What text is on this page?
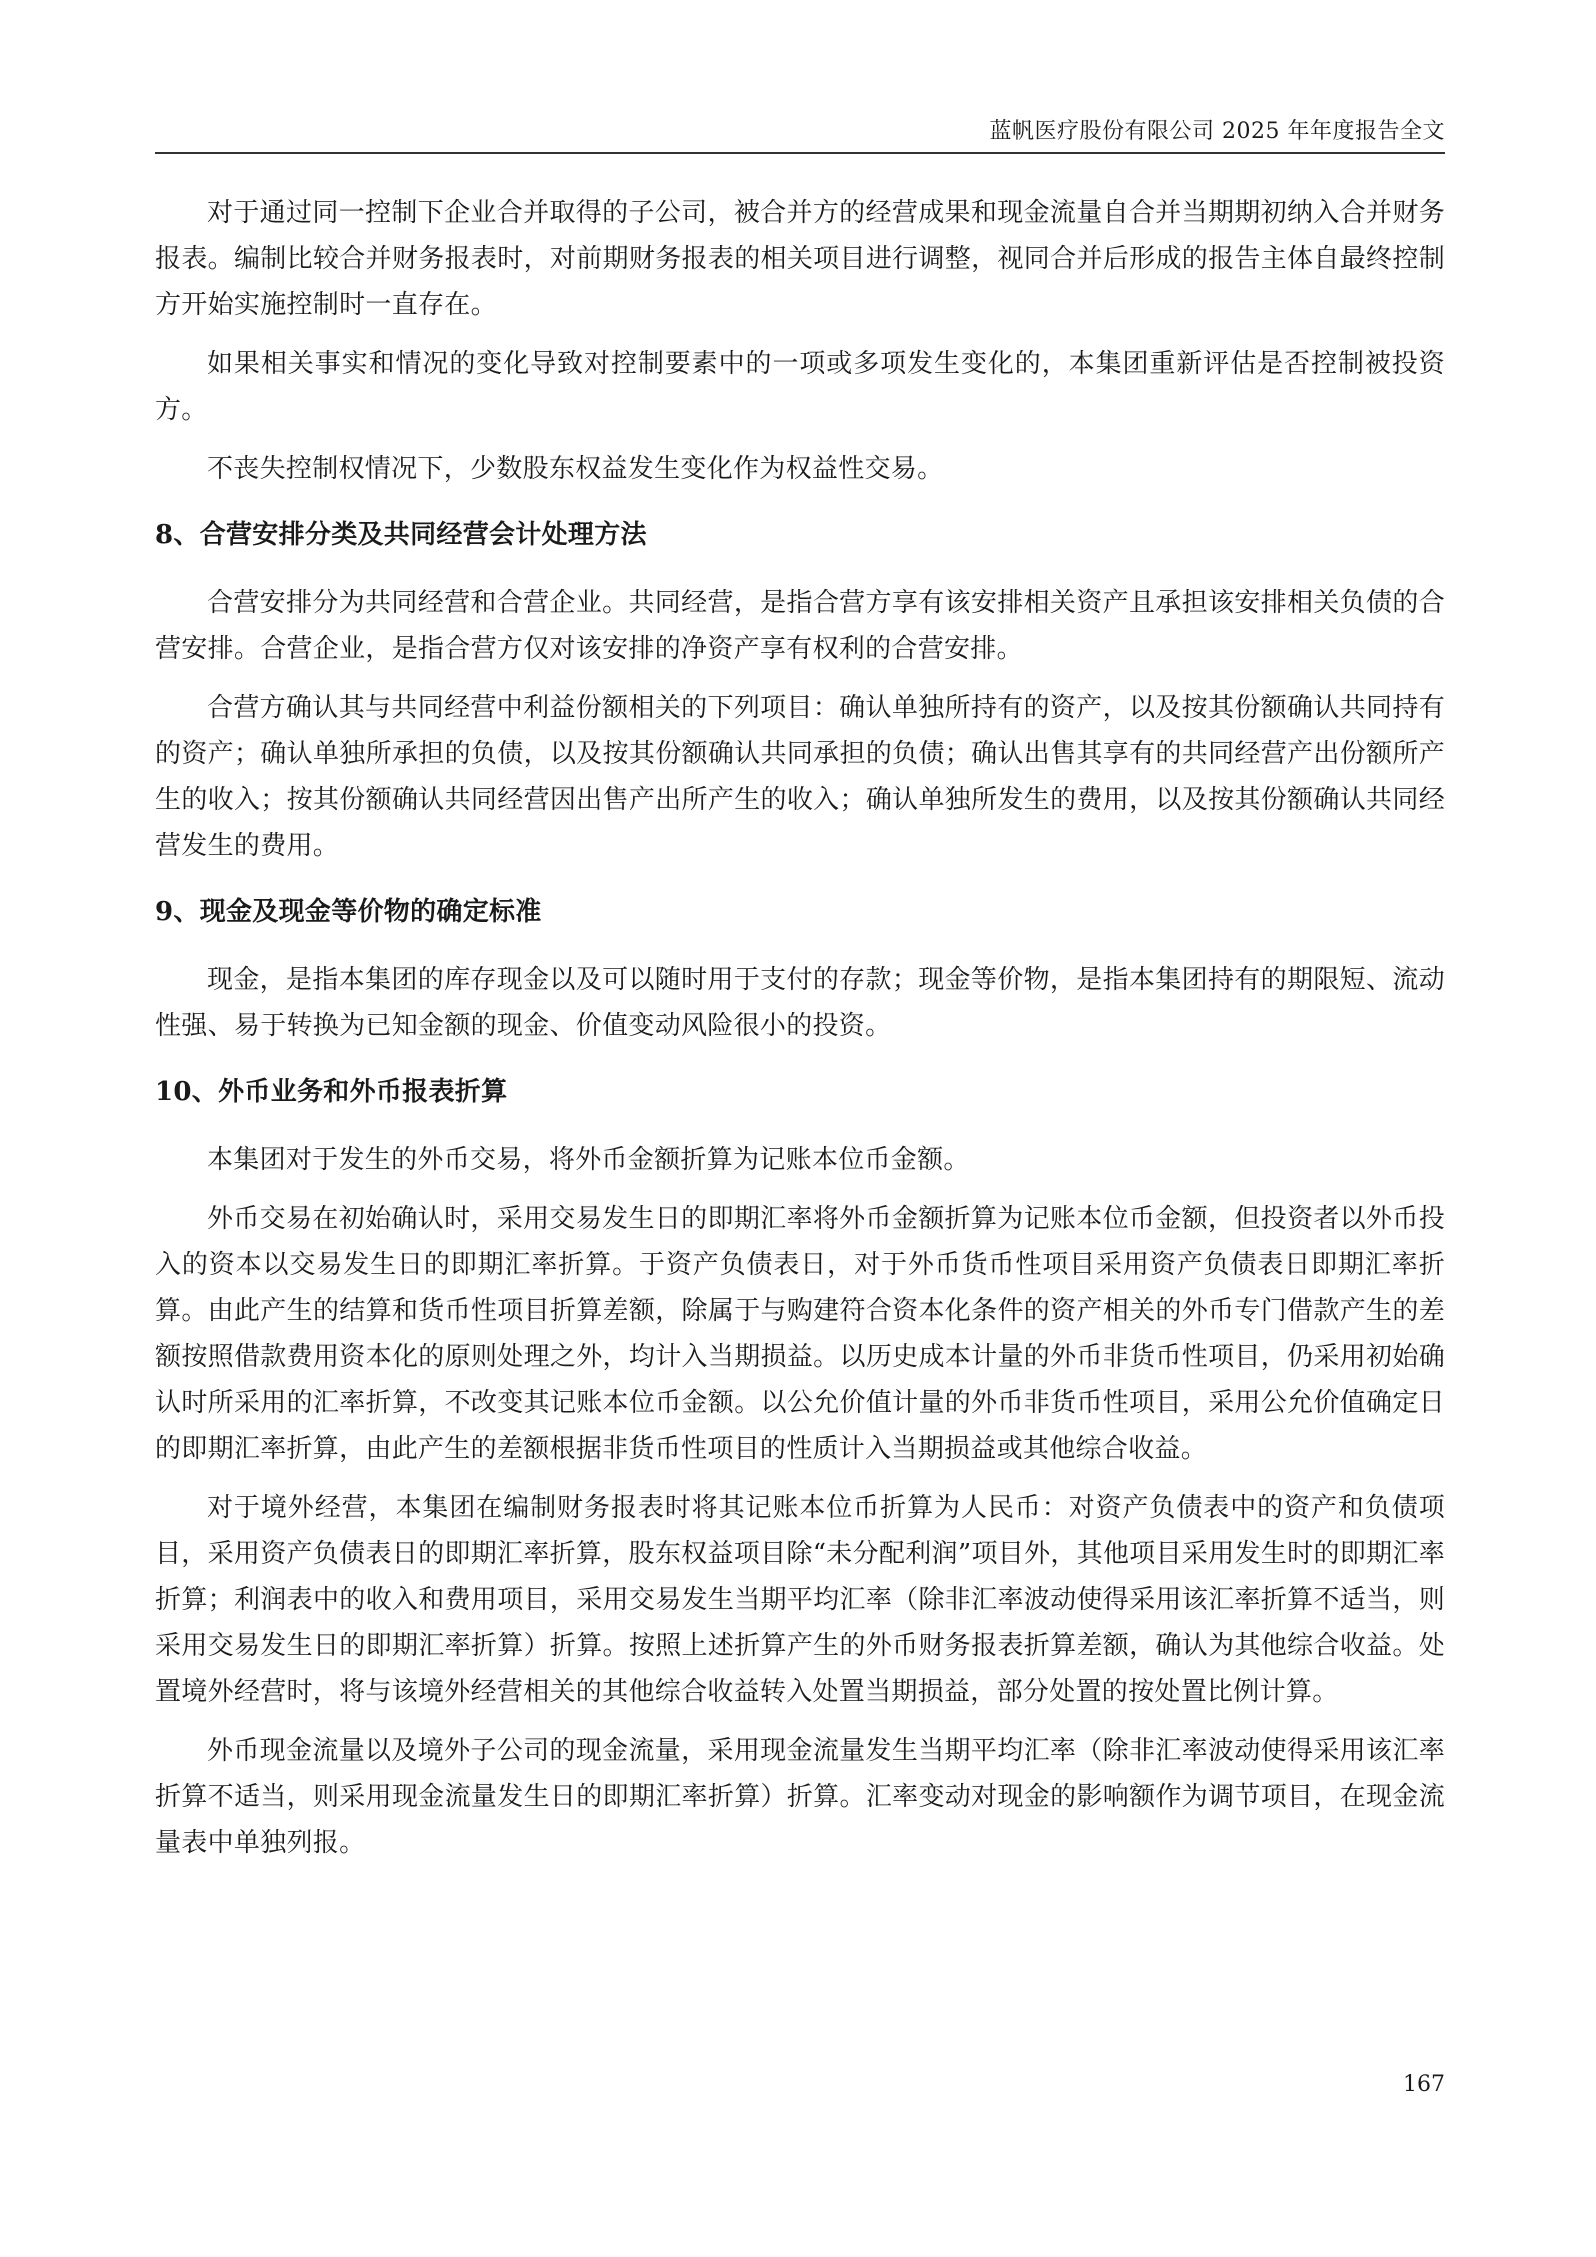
蓝帆医疗股份有限公司 2025 年年度报告全文

对于通过同一控制下企业合并取得的子公司，被合并方的经营成果和现金流量自合并当期期初纳入合并财务报表。编制比较合并财务报表时，对前期财务报表的相关项目进行调整，视同合并后形成的报告主体自最终控制方开始实施控制时一直存在。

如果相关事实和情况的变化导致对控制要素中的一项或多项发生变化的，本集团重新评估是否控制被投资方。

不丧失控制权情况下，少数股东权益发生变化作为权益性交易。

8、合营安排分类及共同经营会计处理方法

合营安排分为共同经营和合营企业。共同经营，是指合营方享有该安排相关资产且承担该安排相关负债的合营安排。合营企业，是指合营方仅对该安排的净资产享有权利的合营安排。

合营方确认其与共同经营中利益份额相关的下列项目：确认单独所持有的资产，以及按其份额确认共同持有的资产；确认单独所承担的负债，以及按其份额确认共同承担的负债；确认出售其享有的共同经营产出份额所产生的收入；按其份额确认共同经营因出售产出所产生的收入；确认单独所发生的费用，以及按其份额确认共同经营发生的费用。

9、现金及现金等价物的确定标准

现金，是指本集团的库存现金以及可以随时用于支付的存款；现金等价物，是指本集团持有的期限短、流动性强、易于转换为已知金额的现金、价值变动风险很小的投资。

10、外币业务和外币报表折算

本集团对于发生的外币交易，将外币金额折算为记账本位币金额。

外币交易在初始确认时，采用交易发生日的即期汇率将外币金额折算为记账本位币金额，但投资者以外币投入的资本以交易发生日的即期汇率折算。于资产负债表日，对于外币货币性项目采用资产负债表日即期汇率折算。由此产生的结算和货币性项目折算差额，除属于与购建符合资本化条件的资产相关的外币专门借款产生的差额按照借款费用资本化的原则处理之外，均计入当期损益。以历史成本计量的外币非货币性项目，仍采用初始确认时所采用的汇率折算，不改变其记账本位币金额。以公允价值计量的外币非货币性项目，采用公允价值确定日的即期汇率折算，由此产生的差额根据非货币性项目的性质计入当期损益或其他综合收益。

对于境外经营，本集团在编制财务报表时将其记账本位币折算为人民币：对资产负债表中的资产和负债项目，采用资产负债表日的即期汇率折算，股东权益项目除“未分配利润”项目外，其他项目采用发生时的即期汇率折算；利润表中的收入和费用项目，采用交易发生当期平均汇率（除非汇率波动使得采用该汇率折算不适当，则采用交易发生日的即期汇率折算）折算。按照上述折算产生的外币财务报表折算差额，确认为其他综合收益。处置境外经营时，将与该境外经营相关的其他综合收益转入处置当期损益，部分处置的按处置比例计算。

外币现金流量以及境外子公司的现金流量，采用现金流量发生当期平均汇率（除非汇率波动使得采用该汇率折算不适当，则采用现金流量发生日的即期汇率折算）折算。汇率变动对现金的影响额作为调节项目，在现金流量表中单独列报。

167
